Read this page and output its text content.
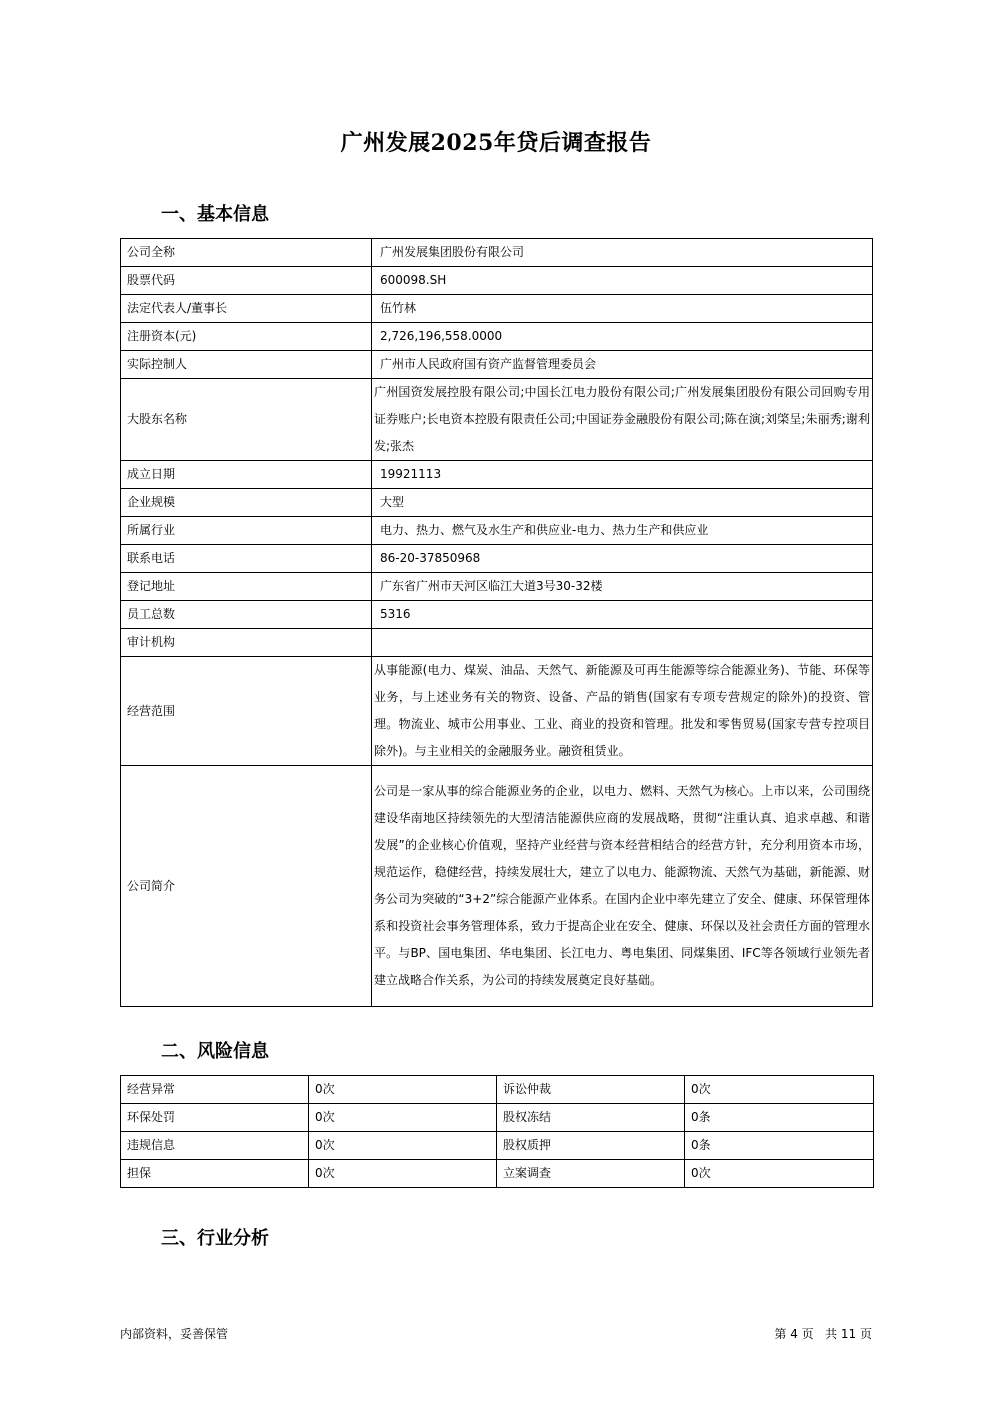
广州发展2025年贷后调查报告
一、基本信息
公司全称	广州发展集团股份有限公司
股票代码	600098.SH
法定代表人/董事长	伍竹林
注册资本(元)	2,726,196,558.0000
实际控制人	广州市人民政府国有资产监督管理委员会
大股东名称	广州国资发展控股有限公司;中国长江电力股份有限公司;广州发展集团股份有限公司回购专用证券账户;长电资本控股有限责任公司;中国证券金融股份有限公司;陈在演;刘棨呈;朱丽秀;谢利发;张杰
成立日期	19921113
企业规模	大型
所属行业	电力、热力、燃气及水生产和供应业-电力、热力生产和供应业
联系电话	86-20-37850968
登记地址	广东省广州市天河区临江大道3号30-32楼
员工总数	5316
审计机构	
经营范围	从事能源(电力、煤炭、油品、天然气、新能源及可再生能源等综合能源业务)、节能、环保等业务，与上述业务有关的物资、设备、产品的销售(国家有专项专营规定的除外)的投资、管理。物流业、城市公用事业、工业、商业的投资和管理。批发和零售贸易(国家专营专控项目除外)。与主业相关的金融服务业。融资租赁业。
公司简介	公司是一家从事的综合能源业务的企业，以电力、燃料、天然气为核心。上市以来，公司围绕建设华南地区持续领先的大型清洁能源供应商的发展战略，贯彻“注重认真、追求卓越、和谐发展”的企业核心价值观，坚持产业经营与资本经营相结合的经营方针，充分利用资本市场，规范运作，稳健经营，持续发展壮大，建立了以电力、能源物流、天然气为基础，新能源、财务公司为突破的“3+2”综合能源产业体系。在国内企业中率先建立了安全、健康、环保管理体系和投资社会事务管理体系，致力于提高企业在安全、健康、环保以及社会责任方面的管理水平。与BP、国电集团、华电集团、长江电力、粤电集团、同煤集团、IFC等各领域行业领先者建立战略合作关系，为公司的持续发展奠定良好基础。
二、风险信息
经营异常	0次	诉讼仲裁	0次
环保处罚	0次	股权冻结	0条
违规信息	0次	股权质押	0条
担保	0次	立案调查	0次
三、行业分析
内部资料，妥善保管	第 4 页   共 11 页
